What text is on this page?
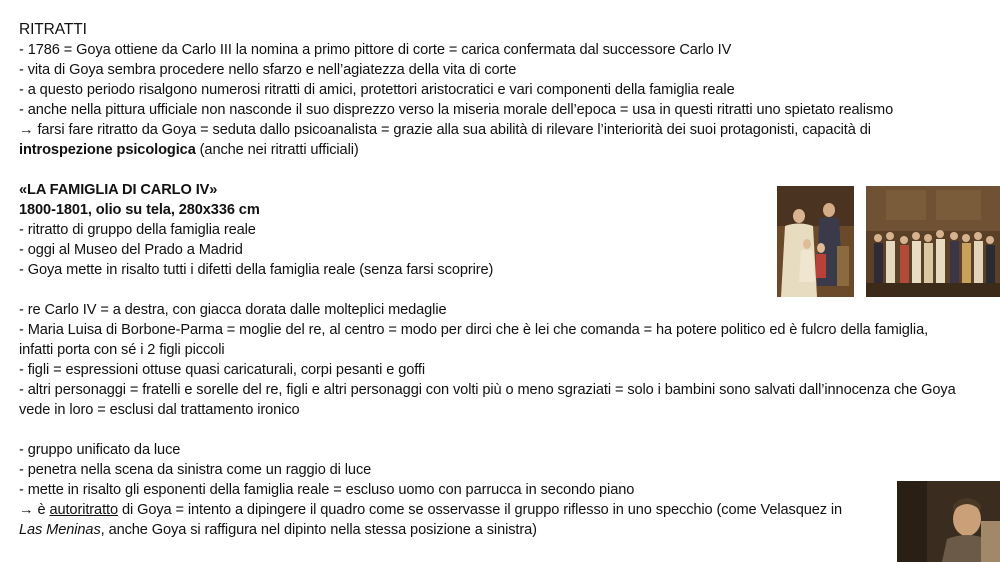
RITRATTI
- 1786 = Goya ottiene da Carlo III la nomina a primo pittore di corte = carica confermata dal successore Carlo IV
- vita di Goya sembra procedere nello sfarzo e nell’agiatezza della vita di corte
- a questo periodo risalgono numerosi ritratti di amici, protettori aristocratici e vari componenti della famiglia reale
- anche nella pittura ufficiale non nasconde il suo disprezzo verso la miseria morale dell’epoca = usa in questi ritratti uno spietato realismo
→ farsi fare ritratto da Goya = seduta dallo psicoanalista = grazie alla sua abilità di rilevare l’interiorità dei suoi protagonisti, capacità di introspezione psicologica (anche nei ritratti ufficiali)
«LA FAMIGLIA DI CARLO IV»
1800-1801, olio su tela, 280x336 cm
- ritratto di gruppo della famiglia reale
- oggi al Museo del Prado a Madrid
- Goya mette in risalto tutti i difetti della famiglia reale (senza farsi scoprire)
- re Carlo IV = a destra, con giacca dorata dalle molteplici medaglie
- Maria Luisa di Borbone-Parma = moglie del re, al centro = modo per dirci che è lei che comanda = ha potere politico ed è fulcro della famiglia, infatti porta con sé i 2 figli piccoli
- figli = espressioni ottuse quasi caricaturali, corpi pesanti e goffi
- altri personaggi = fratelli e sorelle del re, figli e altri personaggi con volti più o meno sgraziati = solo i bambini sono salvati dall’innocenza che Goya vede in loro = esclusi dal trattamento ironico
- gruppo unificato da luce
- penetra nella scena da sinistra come un raggio di luce
- mette in risalto gli esponenti della famiglia reale = escluso uomo con parrucca in secondo piano
→ è autoritratto di Goya = intento a dipingere il quadro come se osservasse il gruppo riflesso in uno specchio (come Velasquez in
Las Meninas, anche Goya si raffigura nel dipinto nella stessa posizione a sinistra)
